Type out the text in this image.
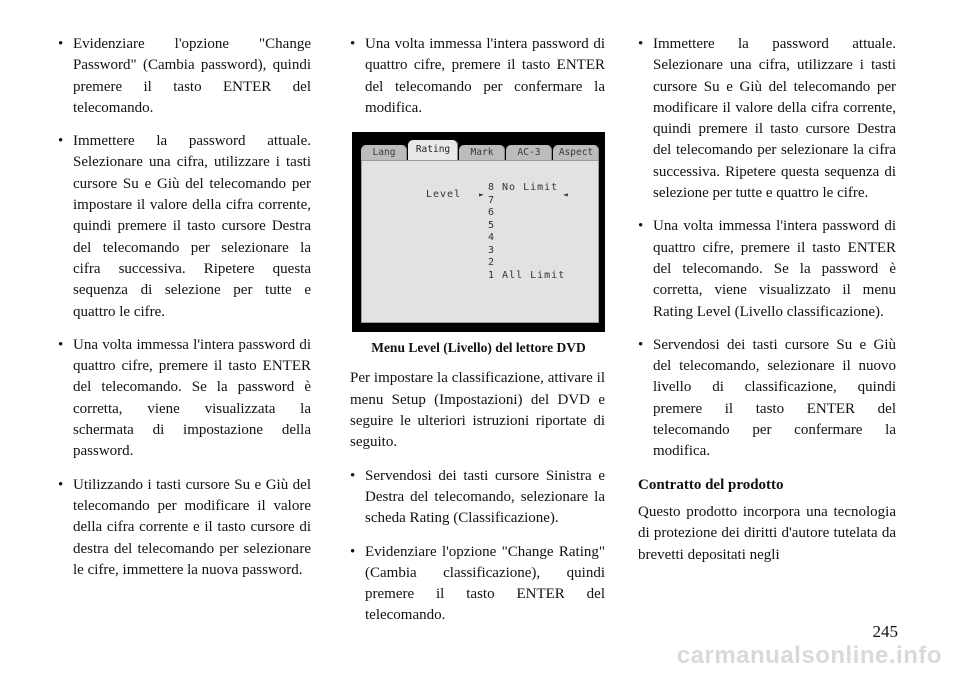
• Evidenziare l'opzione "Change Password" (Cambia password), quindi premere il tasto ENTER del telecomando.
• Immettere la password attuale. Selezionare una cifra, utilizzare i tasti cursore Su e Giù del telecomando per impostare il valore della cifra corrente, quindi premere il tasto cursore Destra del telecomando per selezionare la cifra successiva. Ripetere questa sequenza di selezione per tutte e quattro le cifre.
• Una volta immessa l'intera password di quattro cifre, premere il tasto ENTER del telecomando. Se la password è corretta, viene visualizzata la schermata di impostazione della password.
• Utilizzando i tasti cursore Su e Giù del telecomando per modificare il valore della cifra corrente e il tasto cursore di destra del telecomando per selezionare le cifre, immettere la nuova password.
• Una volta immessa l'intera password di quattro cifre, premere il tasto ENTER del telecomando per confermare la modifica.
Lang	Rating	Mark	AC-3	Aspect
Level ►
8 No Limit
7
6
5
4
3
2
1 All Limit
◄
Menu Level (Livello) del lettore DVD

Per impostare la classificazione, attivare il menu Setup (Impostazioni) del DVD e seguire le ulteriori istruzioni riportate di seguito.

• Servendosi dei tasti cursore Sinistra e Destra del telecomando, selezionare la scheda Rating (Classificazione).
• Evidenziare l'opzione "Change Rating" (Cambia classificazione), quindi premere il tasto ENTER del telecomando.
• Immettere la password attuale. Selezionare una cifra, utilizzare i tasti cursore Su e Giù del telecomando per modificare il valore della cifra corrente, quindi premere il tasto cursore Destra del telecomando per selezionare la cifra successiva. Ripetere questa sequenza di selezione per tutte e quattro le cifre.
• Una volta immessa l'intera password di quattro cifre, premere il tasto ENTER del telecomando. Se la password è corretta, viene visualizzato il menu Rating Level (Livello classificazione).
• Servendosi dei tasti cursore Su e Giù del telecomando, selezionare il nuovo livello di classificazione, quindi premere il tasto ENTER del telecomando per confermare la modifica.

Contratto del prodotto

Questo prodotto incorpora una tecnologia di protezione dei diritti d'autore tutelata da brevetti depositati negli

245
carmanualsonline.info
